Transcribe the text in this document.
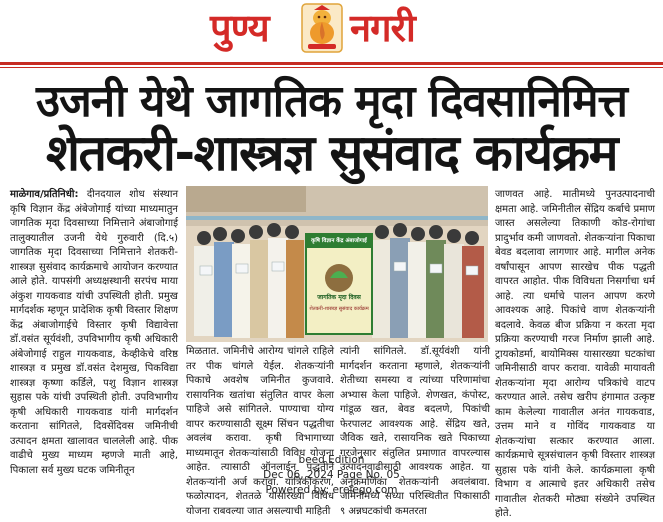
पुण्य नगरी
उजनी येथे जागतिक मृदा दिवसानिमित्त
शेतकरी-शास्त्रज्ञ सुसंवाद कार्यक्रम
माळेगाव/प्रतिनिधी: दीनदयाल शोध संस्थान कृषि विज्ञान केंद्र अंबेजोगाई यांच्या माध्यमातुन जागतिक मृदा दिवसाच्या निमित्ताने अंबाजोगाई तालुक्यातील उजनी येथे गुरुवारी (दि.५) जागतिक मृदा दिवसाच्या निमित्ताने शेतकरी-शास्त्रज्ञ सुसंवाद कार्यक्रमाचे आयोजन करण्यात आले होते. यापसंगी अध्यक्षस्थानी सरपंच माया अंकुश गायकवाड यांची उपस्थिती होती. प्रमुख मार्गदर्शक म्हणून प्रादेशिक कृषी विस्तार शिक्षण केंद्र अंबाजोगाईचे विस्तार कृषी विद्यावेत्ता डॉ.वसंत सूर्यवंशी, उपविभागीय कृषी अधिकारी अंबेजोगाई राहुल गायकवाड, केव्हीकेचे वरिष्ठ शास्त्रज्ञ व प्रमुख डॉ.वसंत देशमुख, पिकविद्या शास्त्रज्ञ कृष्णा कर्डिले, पशु विज्ञान शास्त्रज्ञ सुहास पके यांची उपस्थिती होती. उपविभागीय कृषी अधिकारी गायकवाड यांनी मार्गदर्शन करताना सांगितले, दिवसेंदिवस जमिनीची उत्पादन क्षमता खालावत चाललेली आहे. पीक वाढीचे मुख्य माध्यम म्हणजे माती आहे, पिकाला सर्व मुख्य घटक जमिनीतून
कृषि विज्ञान केंद्र अंबाजोगाई
जागतिक मृदा दिवस
शेतकरी-शास्त्रज्ञ सुसंवाद कार्यक्रम
मिळतात. जमिनीचे आरोग्य चांगले राहिले तर पीक चांगले येईल. शेतकऱ्यांनी पिकाचे अवशेष जमिनीत कुजवावे. रासायनिक खतांचा संतुलित वापर केला पाहिजे असे सांगितले. पाण्याचा योग्य वापर करण्यासाठी सूक्ष्म सिंचन पद्धतीचा अवलंब करावा. कृषी विभागाच्या माध्यमातून शेतकऱ्यांसाठी विविध योजना आहेत. त्यासाठी ऑनलाईन पद्धतीने शेतकऱ्यांनी अर्ज करावा. यांत्रिकीकरण, फळोत्पादन, शेततळे यासारख्या विविध योजना राबवल्या जात असल्याची माहिती
त्यांनी सांगितले. डॉ.सूर्यवंशी यांनी मार्गदर्शन करताना म्हणाले, शेतकऱ्यांनी शेतीच्या समस्या व त्यांच्या परिणामांचा अभ्यास केला पाहिजे. शेणखत, कंपोस्ट, गांडूळ खत, बेवड बदलणे, पिकांची फेरपालट आवश्यक आहे. सेंद्रिय खते, जैविक खते, रासायनिक खते पिकाच्या गरजेनुसार संतुलित प्रमाणात वापरल्यास उत्पादनवाढीसाठी आवश्यक आहेत. या अनुक्रमणिका शेतकऱ्यांनी अवलंबावा. जमिनीमध्ये सध्या परिस्थितीत पिकासाठी ९ अन्नघटकांची कमतरता
जाणवत आहे. मातीमध्ये पुनउत्पादनाची क्षमता आहे. जमिनीतील सेंद्रिय कर्बाचे प्रमाण जास्त असलेल्या तिकाणी कोड-रोगांचा प्रादुर्भाव कमी जाणवतो. शेतकऱ्यांना पिकाचा बेवड बदलावा लागणार आहे. मागील अनेक वर्षांपासून आपण सारखेच पीक पद्धती वापरत आहोत. पीक विविधता निसर्गाचा धर्म आहे. त्या धर्माचे पालन आपण करणे आवश्यक आहे. पिकांचे वाण शेतकऱ्यांनी बदलावे. केवळ बीज प्रक्रिया न करता मृदा प्रक्रिया करण्याची गरज निर्माण झाली आहे. ट्रायकोडर्मा, बायोमिक्स यासारख्या घटकांचा जमिनीसाठी वापर करावा. यावेळी मायावती शेतकऱ्यांना मृदा आरोग्य पत्रिकांचे वाटप करण्यात आले. तसेच खरीप हंगामात उत्कृष्ट काम केलेल्या गावातील अनंत गायकवाड, उत्तम माने व गोविंद गायकवाड या शेतकऱ्यांचा सत्कार करण्यात आला. कार्यक्रमाचे सूत्रसंचालन कृषी विस्तार शास्त्रज्ञ सुहास पके यांनी केले. कार्यक्रमाला कृषी विभाग व आत्माचे इतर अधिकारी तसेच गावातील शेतकरी मोठ्या संख्येने उपस्थित होते.
beed Edition
Dec 06, 2024 Page No. 05
Powered by: erelego.com
